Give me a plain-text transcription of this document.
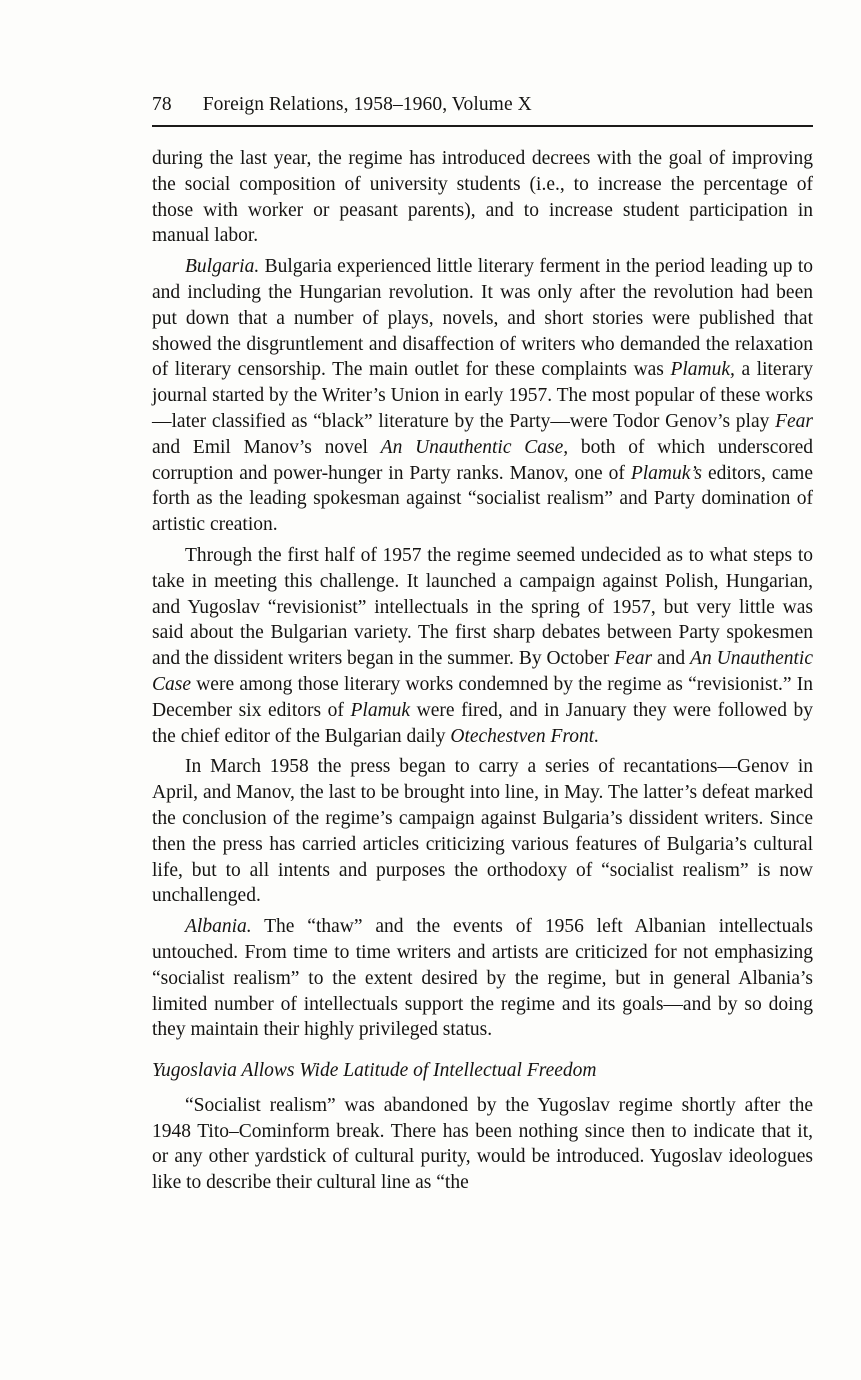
78 Foreign Relations, 1958–1960, Volume X

during the last year, the regime has introduced decrees with the goal of improving the social composition of university students (i.e., to increase the percentage of those with worker or peasant parents), and to increase student participation in manual labor.

Bulgaria. Bulgaria experienced little literary ferment in the period leading up to and including the Hungarian revolution. It was only after the revolution had been put down that a number of plays, novels, and short stories were published that showed the disgruntlement and disaffection of writers who demanded the relaxation of literary censorship. The main outlet for these complaints was Plamuk, a literary journal started by the Writer’s Union in early 1957. The most popular of these works—later classified as “black” literature by the Party—were Todor Genov’s play Fear and Emil Manov’s novel An Unauthentic Case, both of which underscored corruption and power-hunger in Party ranks. Manov, one of Plamuk’s editors, came forth as the leading spokesman against “socialist realism” and Party domination of artistic creation.

Through the first half of 1957 the regime seemed undecided as to what steps to take in meeting this challenge. It launched a campaign against Polish, Hungarian, and Yugoslav “revisionist” intellectuals in the spring of 1957, but very little was said about the Bulgarian variety. The first sharp debates between Party spokesmen and the dissident writers began in the summer. By October Fear and An Unauthentic Case were among those literary works condemned by the regime as “revisionist.” In December six editors of Plamuk were fired, and in January they were followed by the chief editor of the Bulgarian daily Otechestven Front.

In March 1958 the press began to carry a series of recantations—Genov in April, and Manov, the last to be brought into line, in May. The latter’s defeat marked the conclusion of the regime’s campaign against Bulgaria’s dissident writers. Since then the press has carried articles criticizing various features of Bulgaria’s cultural life, but to all intents and purposes the orthodoxy of “socialist realism” is now unchallenged.

Albania. The “thaw” and the events of 1956 left Albanian intellectuals untouched. From time to time writers and artists are criticized for not emphasizing “socialist realism” to the extent desired by the regime, but in general Albania’s limited number of intellectuals support the regime and its goals—and by so doing they maintain their highly privileged status.

Yugoslavia Allows Wide Latitude of Intellectual Freedom

“Socialist realism” was abandoned by the Yugoslav regime shortly after the 1948 Tito–Cominform break. There has been nothing since then to indicate that it, or any other yardstick of cultural purity, would be introduced. Yugoslav ideologues like to describe their cultural line as “the
